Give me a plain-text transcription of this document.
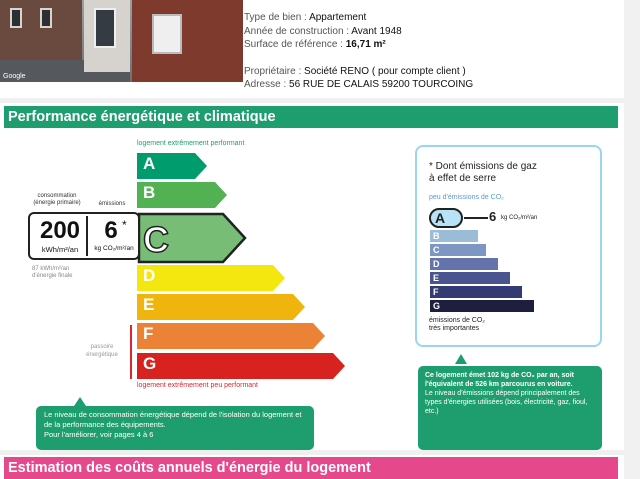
Google
Type de bien : Appartement
Année de construction : Avant 1948
Surface de référence : 16,71 m²
Propriétaire : Société RENO ( pour compte client )
Adresse : 56 RUE DE CALAIS 59200 TOURCOING
Performance énergétique et climatique
logement extrêmement performant
A
B
D
E
F
G
C
logement extrêmement peu performant
consommation
(énergie primaire)	émissions
200
kWh/m²/an
6 *
kg CO₂/m²/an
87 kWh/m²/an
d'énergie finale
passoire
énergétique
Le niveau de consommation énergétique dépend de l'isolation du logement et de la performance des équipements.
Pour l'améliorer, voir pages 4 à 6
* Dont émissions de gaz
à effet de serre
peu d'émissions de CO₂
A	6 kg CO₂/m²/an
B
C
D
E
F
G
émissions de CO₂
très importantes
Ce logement émet 102 kg de CO₂ par an, soit l'équivalent de 526 km parcourus en voiture.
Le niveau d'émissions dépend principalement des types d'énergies utilisées (bois, électricité, gaz, fioul, etc.)
Estimation des coûts annuels d'énergie du logement
